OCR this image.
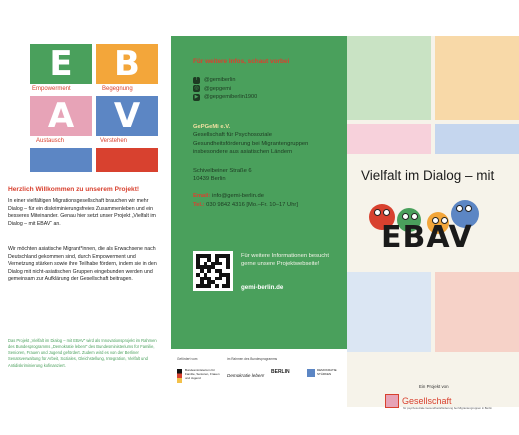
E B
Empowerment	Begegnung
A V
Austausch	Verstehen
Herzlich Willkommen zu unserem Projekt!
In einer vielfältigen Migrationsgesellschaft brauchen wir mehr Dialog – für ein diskriminierungsfreies Zusammenleben und ein besseres Miteinander. Genau hier setzt unser Projekt „Vielfalt im Dialog – mit EBAV“ an.
Wir möchten asiatische Migrant*innen, die als Erwachsene nach Deutschland gekommen sind, durch Empowerment und Vernetzung stärken sowie ihre Teilhabe fördern, indem sie in den Dialog mit nicht-asiatischen Gruppen eingebunden werden und gemeinsam zur Aufklärung der Gesellschaft beitragen.
Das Projekt „Vielfalt im Dialog – mit EBAV“ wird als Innovationsprojekt im Rahmen des Bundesprogramms „Demokratie leben!“ des Bundesministeriums für Familie, Senioren, Frauen und Jugend gefördert. Zudem wird es von der Berliner Senatsverwaltung für Arbeit, Soziales, Gleichstellung, Integration, Vielfalt und Antidiskriminierung kofinanziert.
Für weitere Infos, schaut vorbei
f	@gemiberlin
◎ @gepgemi
▶ @gepgemiberlin1900
GePGeMi e.V.
Gesellschaft für Psychosoziale
Gesundheitsförderung bei Migrantengruppen
insbesondere aus asiatischen Ländern
Schivelbeiner Straße 6
10439 Berlin
Email: info@gemi-berlin.de
Tel.: 030 9842 4316 [Mo.–Fr. 10–17 Uhr]
Für weitere Informationen besucht gerne unsere Projektwebseite!
gemi-berlin.de
Gefördert vom	im Rahmen des Bundesprogramms
Bundesministerium für Familie, Senioren, Frauen und Jugend	Demokratie leben!
BERLIN	DEMOKRATIE STÄRKEN
Vielfalt im Dialog – mit
EBAV
Ein Projekt von
Gesellschaft
für psychosoziale Gesundheitsförderung bei Migrantengruppen in Berlin
